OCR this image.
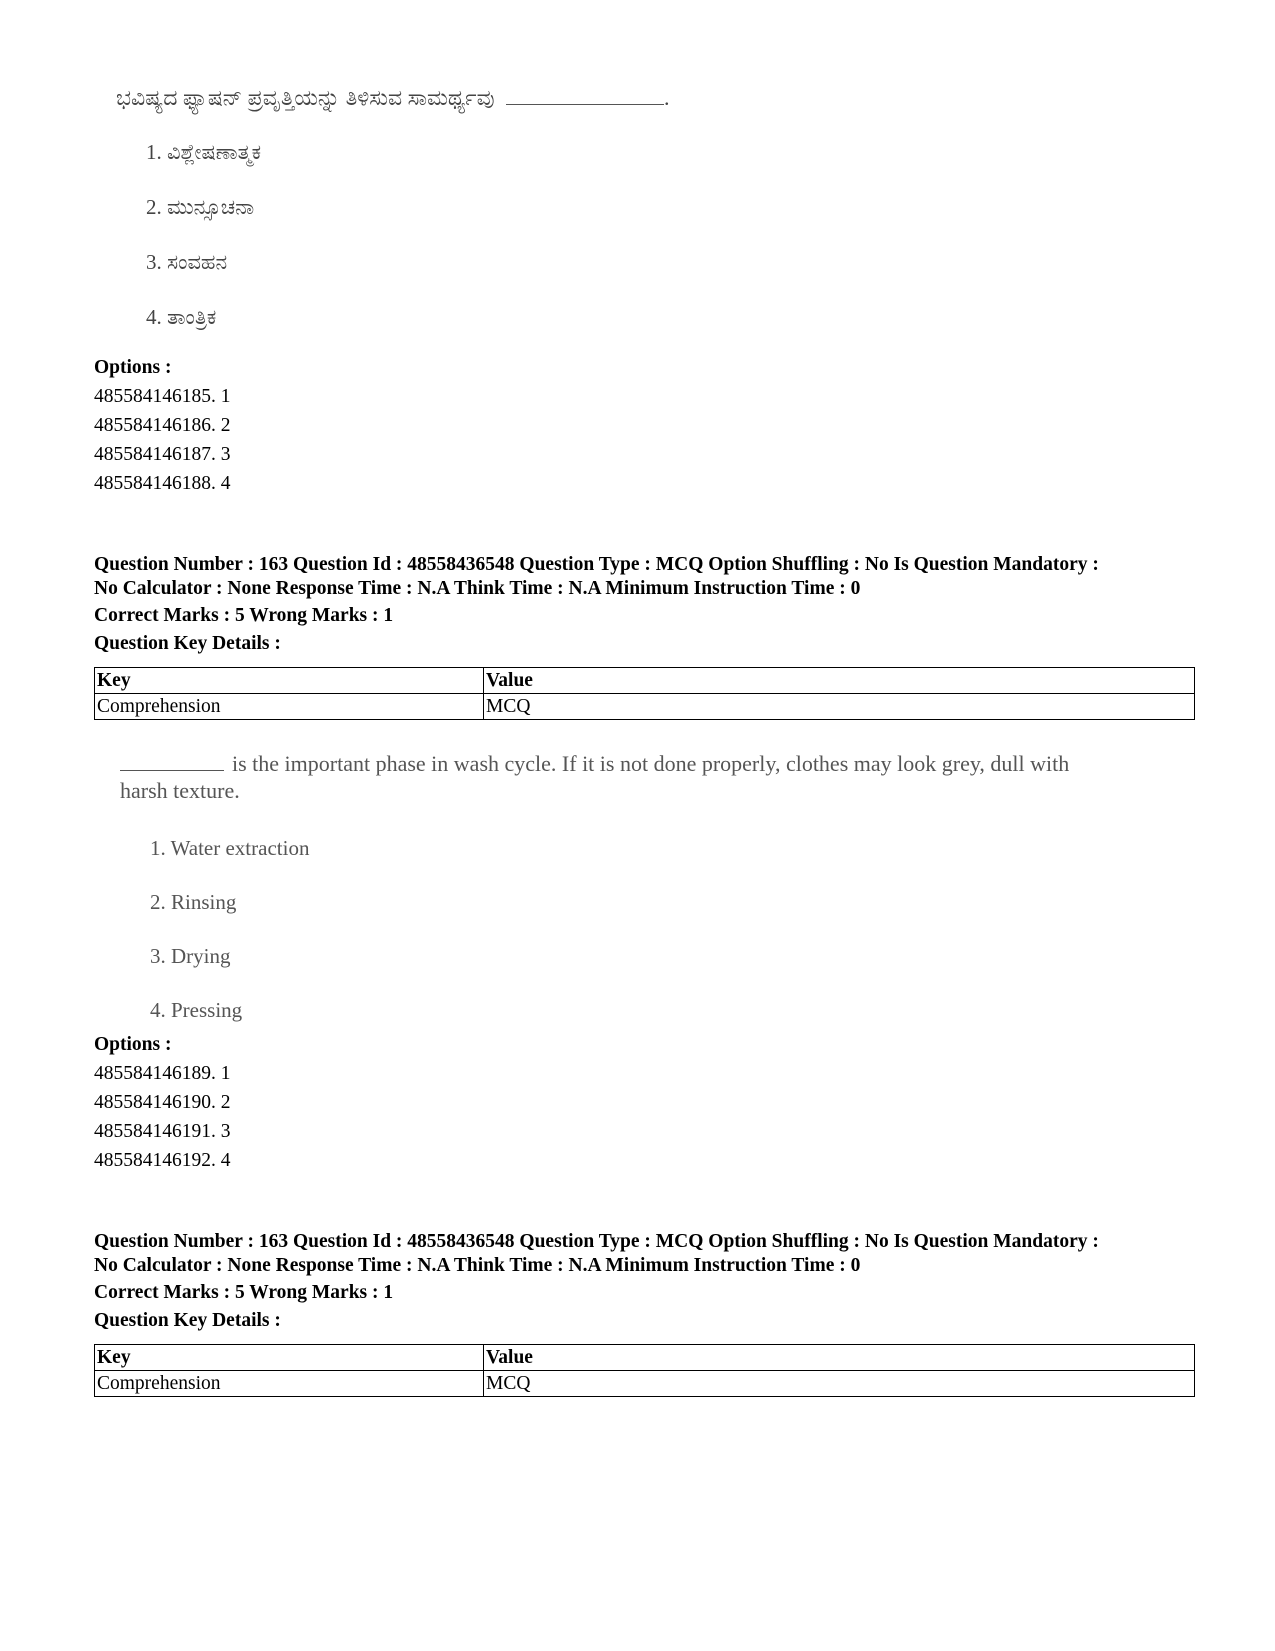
ಭವಿಷ್ಯದ ಫ್ಯಾಷನ್ ಪ್ರವೃತ್ತಿಯನ್ನು ತಿಳಿಸುವ ಸಾಮರ್ಥ್ಯವು	.
1. ವಿಶ್ಲೇಷಣಾತ್ಮಕ
2. ಮುನ್ಸೂಚನಾ
3. ಸಂವಹನ
4. ತಾಂತ್ರಿಕ
Options :
485584146185. 1
485584146186. 2
485584146187. 3
485584146188. 4
Question Number : 163 Question Id : 48558436548 Question Type : MCQ Option Shuffling : No Is Question Mandatory :
No Calculator : None Response Time : N.A Think Time : N.A Minimum Instruction Time : 0
Correct Marks : 5 Wrong Marks : 1
Question Key Details :
Key	Value
Comprehension	MCQ
is the important phase in wash cycle. If it is not done properly, clothes may look grey, dull with
harsh texture.
1. Water extraction
2. Rinsing
3. Drying
4. Pressing
Options :
485584146189. 1
485584146190. 2
485584146191. 3
485584146192. 4
Question Number : 163 Question Id : 48558436548 Question Type : MCQ Option Shuffling : No Is Question Mandatory :
No Calculator : None Response Time : N.A Think Time : N.A Minimum Instruction Time : 0
Correct Marks : 5 Wrong Marks : 1
Question Key Details :
Key	Value
Comprehension	MCQ
